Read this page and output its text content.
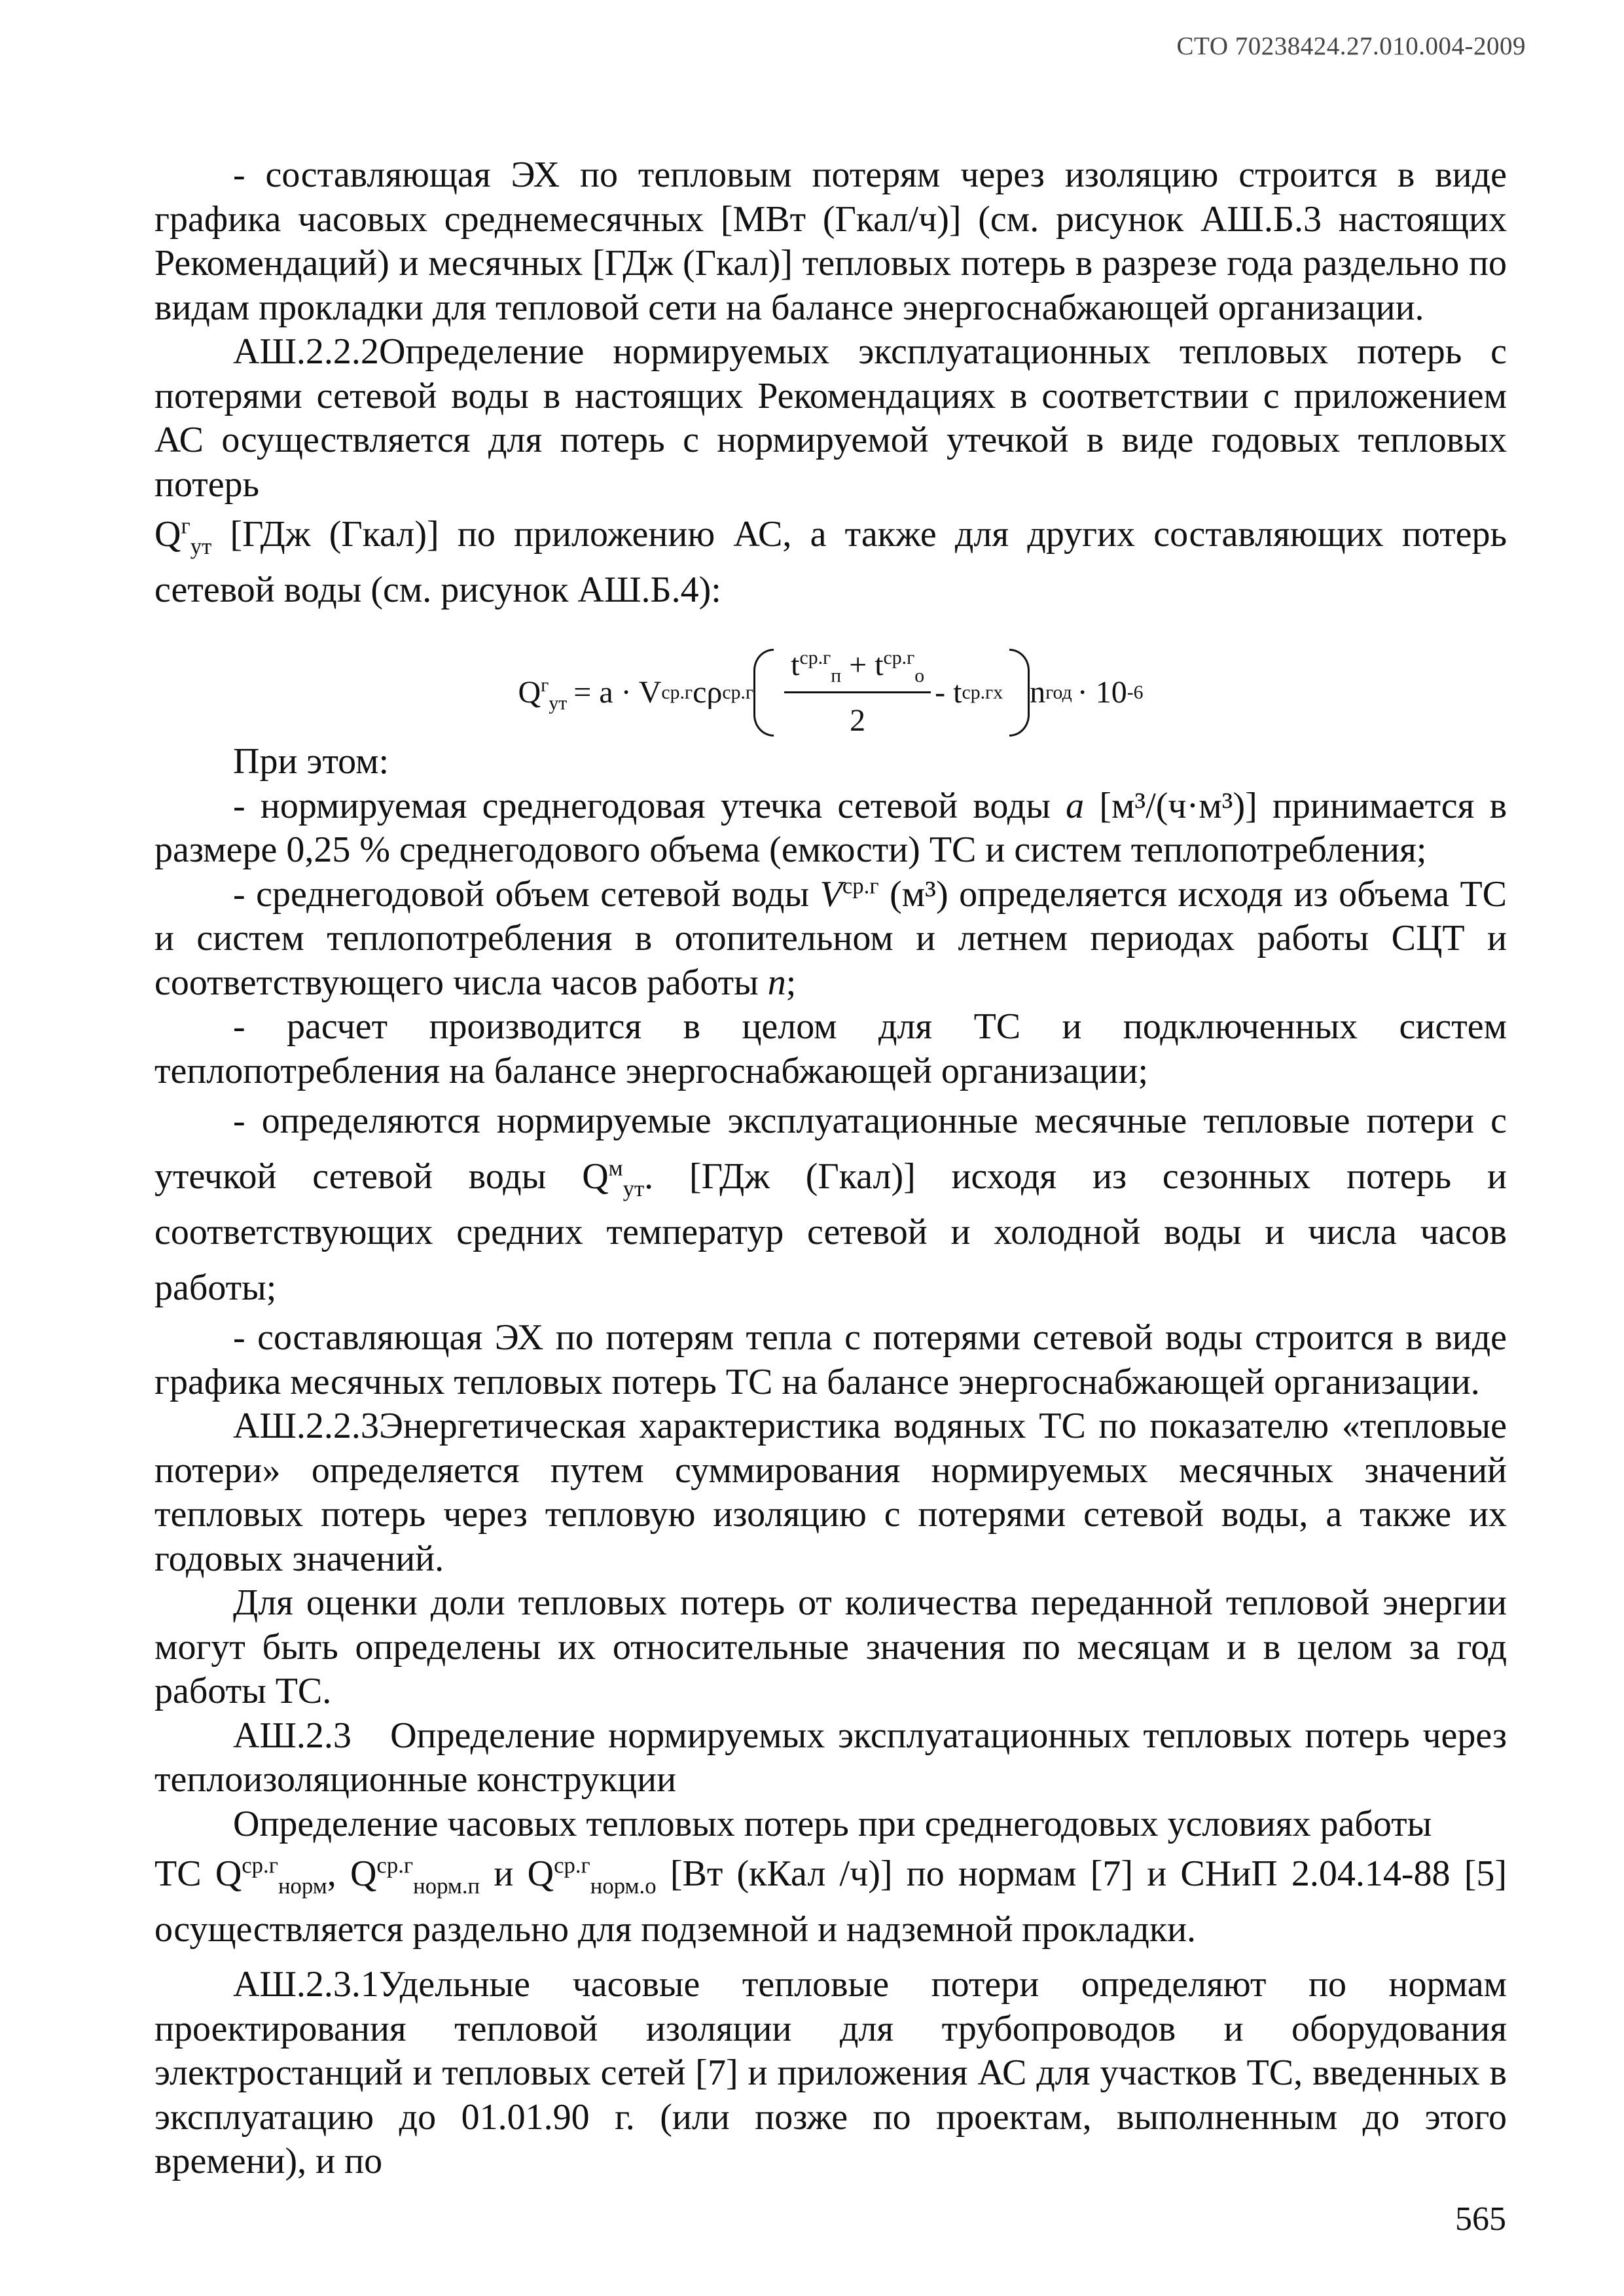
СТО 70238424.27.010.004-2009

- составляющая ЭХ по тепловым потерям через изоляцию строится в виде графика часовых среднемесячных [МВт (Гкал/ч)] (см. рисунок АШ.Б.3 настоящих Рекомендаций) и месячных [ГДж (Гкал)] тепловых потерь в разрезе года раздельно по видам прокладки для тепловой сети на балансе энергоснабжающей организации.

АШ.2.2.2Определение нормируемых эксплуатационных тепловых потерь с потерями сетевой воды в настоящих Рекомендациях в соответствии с приложением АС осуществляется для потерь с нормируемой утечкой в виде годовых тепловых потерь

$Q^г_{ут}$ [ГДж (Гкал)] по приложению АС, а также для других составляющих потерь сетевой воды (см. рисунок АШ.Б.4):

$Q^г_{ут} = a \cdot V$ ср.г cρ $ср.г \frac{t^{ср.г}_п + t^{ср.г}_о}{2}$ - t ср.г x n год · 10 -6

При этом:

- нормируемая среднегодовая утечка сетевой воды a [м³/(ч·м³)] принимается в размере 0,25 % среднегодового объема (емкости) ТС и систем теплопотребления;

- среднегодовой объем сетевой воды $V^{ср.г}$ (м³) определяется исходя из объема ТС и систем теплопотребления в отопительном и летнем периодах работы СЦТ и соответствующего числа часов работы n;

- расчет производится в целом для ТС и подключенных систем теплопотребления на балансе энергоснабжающей организации;

- определяются нормируемые эксплуатационные месячные тепловые потери с утечкой сетевой воды $Q^м_{ут}$. [ГДж (Гкал)] исходя из сезонных потерь и соответствующих средних температур сетевой и холодной воды и числа часов работы;

- составляющая ЭХ по потерям тепла с потерями сетевой воды строится в виде графика месячных тепловых потерь ТС на балансе энергоснабжающей организации.

АШ.2.2.3Энергетическая характеристика водяных ТС по показателю «тепловые потери» определяется путем суммирования нормируемых месячных значений тепловых потерь через тепловую изоляцию с потерями сетевой воды, а также их годовых значений.

Для оценки доли тепловых потерь от количества переданной тепловой энергии могут быть определены их относительные значения по месяцам и в целом за год работы ТС.

АШ.2.3 Определение нормируемых эксплуатационных тепловых потерь через теплоизоляционные конструкции

Определение часовых тепловых потерь при среднегодовых условиях работы

ТС $Q^{ср.г}_{норм}$, $Q^{ср.г}_{норм.п}$ и $Q^{ср.г}_{норм.о}$ [Вт (кКал /ч)] по нормам [7] и СНиП 2.04.14-88 [5] осуществляется раздельно для подземной и надземной прокладки.

АШ.2.3.1Удельные часовые тепловые потери определяют по нормам проектирования тепловой изоляции для трубопроводов и оборудования электростанций и тепловых сетей [7] и приложения АС для участков ТС, введенных в эксплуатацию до 01.01.90 г. (или позже по проектам, выполненным до этого времени), и по

565
